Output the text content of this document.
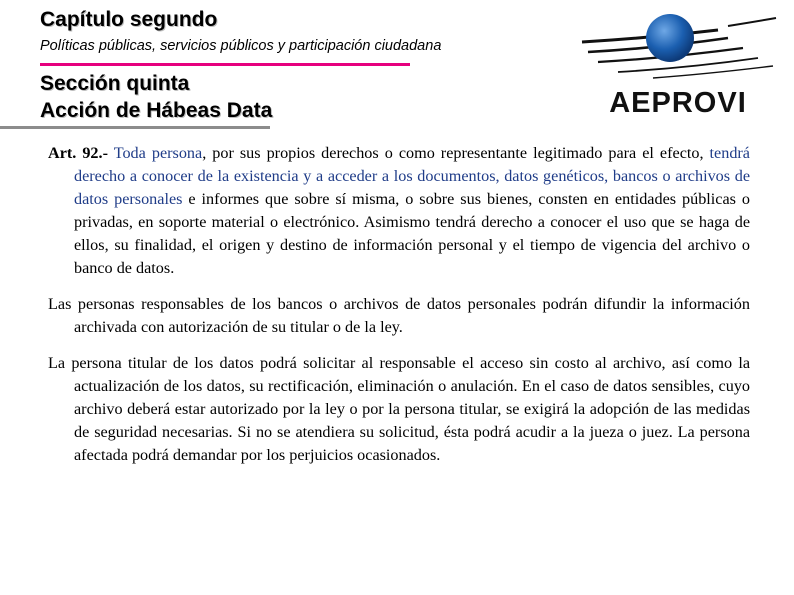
Capítulo segundo
Políticas públicas, servicios públicos y participación ciudadana
Sección quinta
Acción de Hábeas Data	AEPROVI

Art. 92.- Toda persona, por sus propios derechos o como representante legitimado para el efecto, tendrá derecho a conocer de la existencia y a acceder a los documentos, datos genéticos, bancos o archivos de datos personales e informes que sobre sí misma, o sobre sus bienes, consten en entidades públicas o privadas, en soporte material o electrónico. Asimismo tendrá derecho a conocer el uso que se haga de ellos, su finalidad, el origen y destino de información personal y el tiempo de vigencia del archivo o banco de datos.

Las personas responsables de los bancos o archivos de datos personales podrán difundir la información archivada con autorización de su titular o de la ley.

La persona titular de los datos podrá solicitar al responsable el acceso sin costo al archivo, así como la actualización de los datos, su rectificación, eliminación o anulación. En el caso de datos sensibles, cuyo archivo deberá estar autorizado por la ley o por la persona titular, se exigirá la adopción de las medidas de seguridad necesarias. Si no se atendiera su solicitud, ésta podrá acudir a la jueza o juez. La persona afectada podrá demandar por los perjuicios ocasionados.
